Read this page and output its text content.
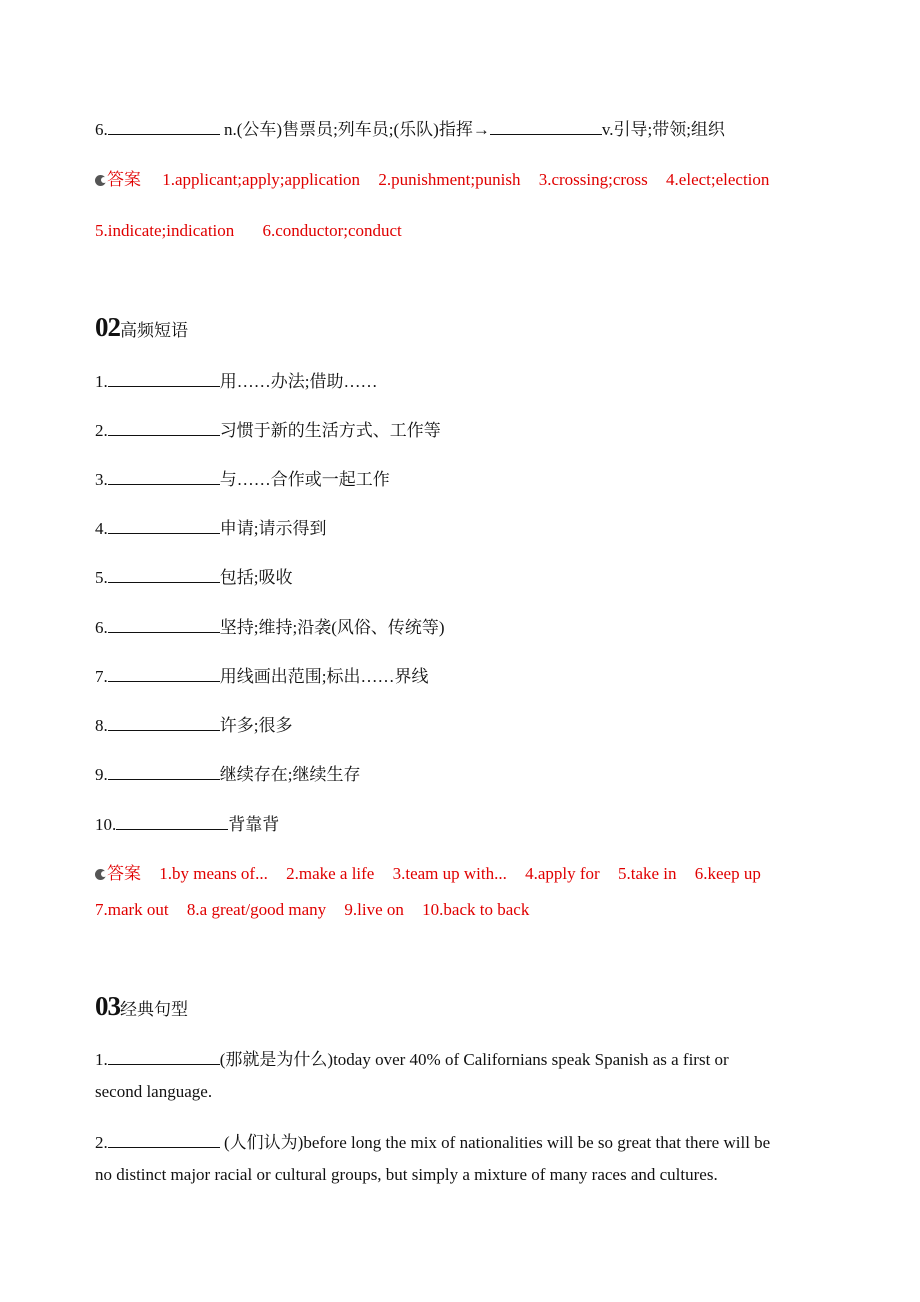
6.	n.(公车)售票员;列车员;(乐队)指挥→	v.引导;带领;组织
答案 1.applicant;apply;application 2.punishment;punish 3.crossing;cross 4.elect;election
5.indicate;indication 6.conductor;conduct
02高频短语
1.	用……办法;借助……
2.	习惯于新的生活方式、工作等
3.	与……合作或一起工作
4.	申请;请示得到
5.	包括;吸收
6.	坚持;维持;沿袭(风俗、传统等)
7.	用线画出范围;标出……界线
8.	许多;很多
9.	继续存在;继续生存
10.	背靠背
答案 1.by means of... 2.make a life 3.team up with... 4.apply for 5.take in 6.keep up
7.mark out 8.a great/good many 9.live on 10.back to back
03经典句型
1.	(那就是为什么)today over 40% of Californians speak Spanish as a first or
second language.
2.	(人们认为)before long the mix of nationalities will be so great that there will be
no distinct major racial or cultural groups, but simply a mixture of many races and cultures.
